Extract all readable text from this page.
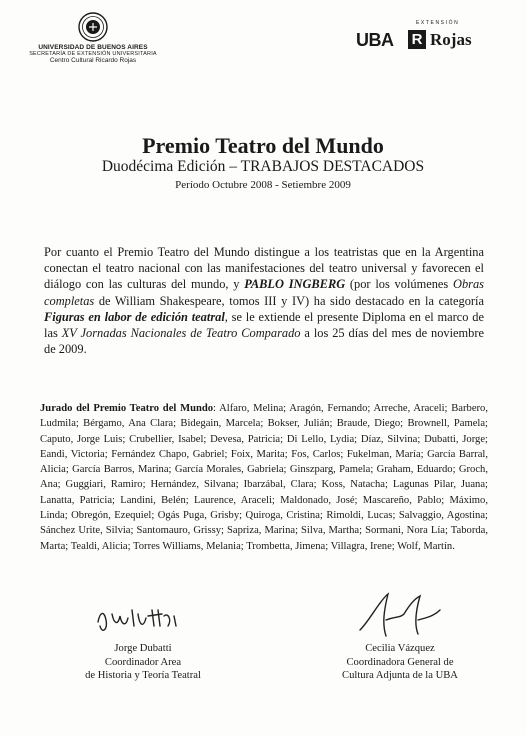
UNIVERSIDAD DE BUENOS AIRES
SECRETARÍA DE EXTENSIÓN UNIVERSITARIA
Centro Cultural Ricardo Rojas
EXTENSIÓN
UBA R Rojas
Premio Teatro del Mundo
Duodécima Edición – TRABAJOS DESTACADOS
Período Octubre 2008 - Setiembre 2009
Por cuanto el Premio Teatro del Mundo distingue a los teatristas que en la Argentina conectan el teatro nacional con las manifestaciones del teatro universal y favorecen el diálogo con las culturas del mundo, y PABLO INGBERG (por los volúmenes Obras completas de William Shakespeare, tomos III y IV) ha sido destacado en la categoría Figuras en labor de edición teatral, se le extiende el presente Diploma en el marco de las XV Jornadas Nacionales de Teatro Comparado a los 25 días del mes de noviembre de 2009.
Jurado del Premio Teatro del Mundo: Alfaro, Melina; Aragón, Fernando; Arreche, Araceli; Barbero, Ludmila; Bérgamo, Ana Clara; Bidegain, Marcela; Bokser, Julián; Braude, Diego; Brownell, Pamela; Caputo, Jorge Luis; Crubellier, Isabel; Devesa, Patricia; Di Lello, Lydia; Díaz, Silvina; Dubatti, Jorge; Eandi, Victoria; Fernández Chapo, Gabriel; Foix, Marita; Fos, Carlos; Fukelman, María; García Barral, Alicia; García Barros, Marina; García Morales, Gabriela; Ginszparg, Pamela; Graham, Eduardo; Groch, Ana; Guggiari, Ramiro; Hernández, Silvana; Ibarzábal, Clara; Koss, Natacha; Lagunas Pilar, Juana; Lanatta, Patricia; Landini, Belén; Laurence, Araceli; Maldonado, José; Mascareño, Pablo; Máximo, Linda; Obregón, Ezequiel; Ogás Puga, Grisby; Quiroga, Cristina; Rimoldi, Lucas; Salvaggio, Agostina; Sánchez Urite, Silvia; Santomauro, Grissy; Sapriza, Marina; Silva, Martha; Sormani, Nora Lía; Taborda, Marta; Tealdi, Alicia; Torres Williams, Melania; Trombetta, Jimena; Villagra, Irene; Wolf, Martín.
Jorge Dubatti
Coordinador Area
de Historia y Teoría Teatral
Cecilia Vázquez
Coordinadora General de
Cultura Adjunta de la UBA
